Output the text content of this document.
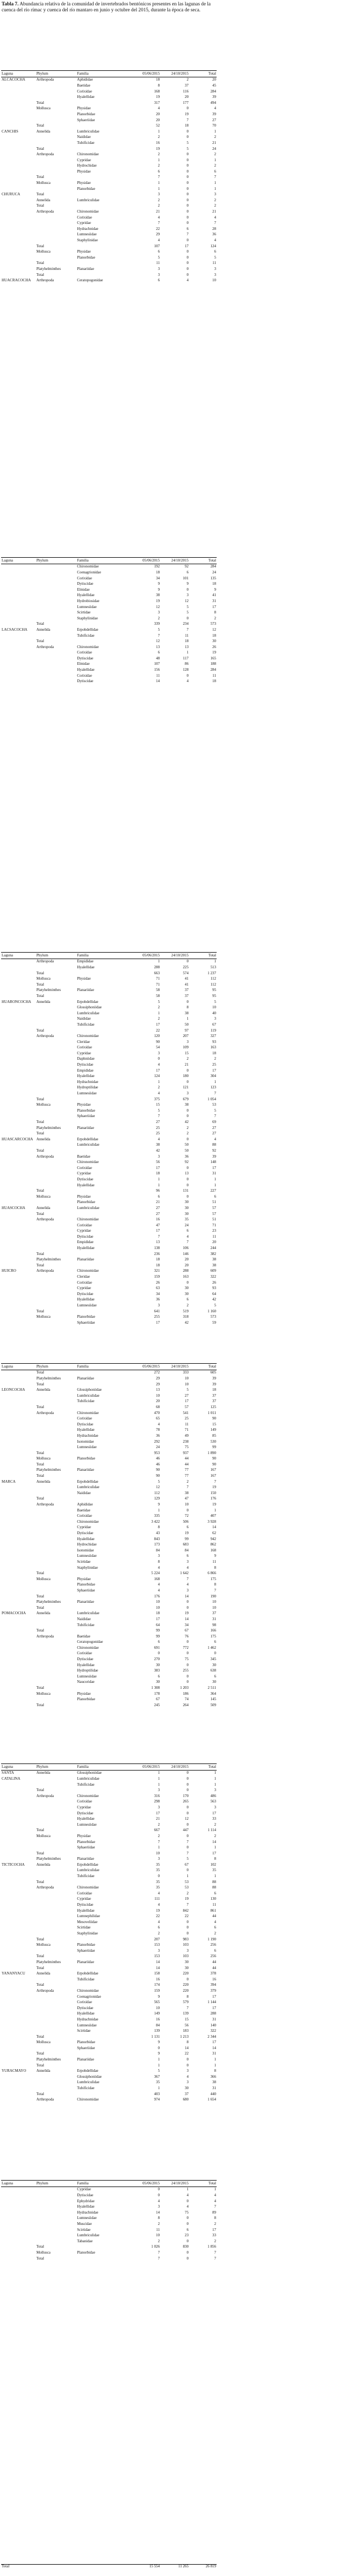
Tabla 7. Abundancia relativa de la comunidad de invertebrados bentónicos presentes en las lagunas de la cuenca del río rímac y cuenca del río mantaro en junio y octubre del 2015, durante la época de seca.
Laguna	Phylum	Familia	05/06/2015	24/10/2015	Total
ALCACOCHA	Arthropoda	Aphididae	18	2	20
		Baetidae	8	37	45
		Corixidae	168	116	284
		Hyalellidae	19	20	39
	Total		317	177	494
	Mollusca	Physidae	4	0	4
		Planorbidae	20	19	39
		Sphaeriidae	20	7	27
	Total		52	18	70
CANCHIS	Annelida	Lumbriculidae	1	0	1
		Naididae	2	0	2
		Tubificidae	16	5	21
	Total		19	5	24
	Arthropoda	Chironomidae	2	0	2
		Cypridae	1	0	1
		Hydrochidae	2	0	2
		Physidae	6	0	6
	Total		7	0	7
	Mollusca	Physidae	1	0	1
		Planorbidae	1	0	1
CHURUCA	Total		3	0	3
	Annelida	Lumbriculidae	2	0	2
	Total		2	0	2
	Arthropoda	Chironomidae	21	0	21
		Corixidae	4	0	4
		Cypridae	7	0	7
		Hydrachnidae	22	6	28
		Lumnesiidae	29	7	36
		Staphylinidae	4	0	4
	Total		107	17	124
	Mollusca	Physidae	6	0	6
		Planorbidae	5	0	5
	Total		11	0	11
	Platyhelminthes	Planariidae	3	0	3
	Total		3	0	3
HUACRACOCHA	Arthropoda	Ceratopogonidae	6	4	10
Laguna	Phylum	Familia	05/06/2015	24/10/2015	Total
		Chironomidae	192	92	284
		Coenagrionidae	18	6	24
		Corixidae	34	101	135
		Dytiscidae	9	9	18
		Elmidae	9	0	9
		Hyalellidae	38	3	41
		Hydrobiosidae	19	12	31
		Lumnesiidae	12	5	17
		Scirtidae	3	5	8
		Staphylinidae	2	0	2
	Total		339	234	573
LACSACOCHA	Annelida	Erpobdellidae	5	7	12
		Tubificidae	7	11	18
	Total		12	18	30
	Arthropoda	Chironomidae	13	13	26
		Corixidae	6	1	19
		Dytiscidae	48	117	165
		Elmidae	107	86	188
		Hyalellidae	156	128	284
		Corixidae	11	0	11
		Dytiscidae	14	4	18
Laguna	Phylum	Familia	05/06/2015	24/10/2015	Total
	Arthropoda	Empididae	1	0	1
		Hyalellidae	288	225	513
	Total		663	574	1 237
	Mollusca	Physidae	71	41	112
	Total		71	41	112
	Platyhelminthes	Planariidae	58	37	95
	Total		58	37	95
HUARONCOCHA	Annelida	Erpobdellidae	5	0	5
		Glossiphoniidae	2	8	10
		Lumbriculidae	1	38	40
		Naididae	2	1	3
		Tubificidae	17	50	67
	Total		22	97	119
	Arthropoda	Chironomidae	120	207	327
		Cleridae	90	3	93
		Corixidae	54	109	163
		Cypridae	3	15	18
		Daphniidae	0	2	2
		Dytiscidae	4	21	25
		Empididae	17	0	17
		Hyalellidae	124	180	304
		Hydrachnidae	1	0	1
		Hydroptilidae	2	121	123
		Lumnesiidae	4	3	7
	Total		375	679	1 054
	Mollusca	Physidae	15	38	53
		Planorbidae	5	0	5
		Sphaeriidae	7	0	7
	Total		27	42	69
	Platyhelminthes	Planariidae	25	2	27
	Total		25	2	27
HUASCARCOCHA	Annelida	Erpobdellidae	4	0	4
		Lumbriculidae	38	50	88
	Total		42	50	92
	Arthropoda	Baetidae	3	36	39
		Chironomidae	56	92	148
		Corixidae	17	0	17
		Cypridae	18	13	31
		Dytiscidae	1	0	1
		Hyalellidae	1	0	1
	Total		96	131	227
	Mollusca	Physidae	6	0	6
		Planorbidae	21	30	51
HUASCOCHA	Annelida	Lumbriculidae	27	30	57
	Total		27	30	57
	Arthropoda	Chironomidae	16	35	51
		Corixidae	47	24	71
		Cypridae	17	6	23
		Dytiscidae	7	4	11
		Empididae	13	7	20
		Hyalellidae	138	106	244
	Total		236	146	382
	Platyhelminthes	Planariidae	18	20	38
	Total		18	20	38
HUICRO	Arthropoda	Chironomidae	321	288	609
		Cleridae	159	163	322
		Corixidae	26	0	26
		Cypridae	63	30	93
		Dytiscidae	34	30	64
		Hyalellidae	36	6	42
		Lumnesiidae	3	2	5
	Total		641	519	1 160
	Mollusca	Planorbidae	255	318	573
		Sphaeriidae	17	42	59
Laguna	Phylum	Familia	05/06/2015	24/10/2015	Total
	Total		272	333	605
	Platyhelminthes	Planariidae	29	10	39
	Total		29	10	39
LEONCOCHA	Annelida	Glossiphoniidae	13	5	18
		Lumbriculidae	10	27	37
		Tubificidae	20	17	37
	Total		68	57	125
	Arthropoda	Chironomidae	470	541	1 011
		Corixidae	65	25	90
		Dytiscidae	4	11	15
		Hyalellidae	78	71	149
		Hydrachnidae	36	49	85
		Isotomidae	292	238	530
		Lumnesiidae	24	75	99
	Total		953	937	1 890
	Mollusca	Planorbidae	46	44	90
	Total		46	44	90
	Platyhelminthes	Planariidae	90	77	167
	Total		90	77	167
MARCA	Annelida	Erpobdellidae	5	2	7
		Lumbriculidae	12	7	19
		Naididae	112	38	150
	Total		129	47	176
	Arthropoda	Aphididae	9	10	19
		Baetidae	1	0	1
		Corixidae	335	72	407
		Chironomidae	3 422	506	3 928
		Cypridae	8	6	14
		Dytiscidae	43	19	62
		Hyalellidae	843	99	942
		Hydrochidae	173	683	862
		Isotomidae	84	84	168
		Lumnesiidae	3	6	9
		Scirtidae	8	3	11
		Staphylinidae	4	4	8
	Total		5 224	1 642	6 866
	Mollusca	Physidae	168	7	175
		Planorbidae	4	4	8
		Sphaeriidae	4	3	7
	Total		176	14	190
	Platyhelminthes	Planariidae	10	0	10
	Total		10	0	10
POMACOCHA	Annelida	Lumbriculidae	18	19	37
		Naididae	17	14	31
		Tubificidae	64	34	98
	Total		99	67	166
	Arthropoda	Baetidae	99	76	175
		Ceratopogonidae	6	0	6
		Chironomidae	691	772	1 462
		Corixidae	0	0	0
		Dytiscidae	270	75	345
		Hyalellidae	30	0	30
		Hydroptilidae	383	255	638
		Lumnesiidae	6	0	6
		Naucoridae	30	0	30
	Total		1 308	1 203	2 511
	Mollusca	Physidae	178	186	364
		Planorbidae	67	74	145
	Total		245	264	509
Laguna	Phylum	Familia	05/06/2015	24/10/2015	Total
SANTA	Annelida	Glossiphoniidae	1	0	1
CATALINA		Lumbriculidae	1	0	1
		Tubificidae	1	0	1
	Total		3	0	3
	Arthropoda	Chironomidae	316	170	486
		Corixidae	298	265	563
		Cypridae	3	0	3
		Dytiscidae	17	0	17
		Hyalellidae	21	12	33
		Lumnesiidae	2	0	2
	Total		667	447	1 114
	Mollusca	Physidae	2	0	2
		Planorbidae	7	7	14
		Sphaeriidae	1	0	1
	Total		10	7	17
	Platyhelminthes	Planariidae	3	5	8
TICTICOCHA	Annelida	Erpobdellidae	35	67	102
		Lumbriculidae	35	0	35
		Tubificidae	0	1	1
	Total		35	53	88
	Arthropoda	Chironomidae	35	53	88
		Corixidae	4	2	6
		Cypridae	111	19	130
		Dytiscidae	4	7	11
		Hyalellidae	19	842	861
		Lumnephilidae	22	22	44
		Mesoveliidae	4	0	4
		Scirtidae	6	0	6
		Staphylinidae	2	0	2
	Total		207	983	1 190
	Mollusca	Planorbidae	153	103	256
		Sphaeriidae	3	3	6
	Total		153	103	256
	Platyhelminthes	Planariidae	14	30	44
	Total		14	30	44
YANANYACU	Annelida	Erpobdellidae	158	220	378
		Tubificidae	16	0	16
	Total		174	220	394
	Arthropoda	Chironomidae	159	220	379
		Coenagrionidae	9	8	17
		Corixidae	565	579	1 144
		Dytiscidae	10	7	17
		Hyalellidae	149	139	288
		Hydrachnidae	16	15	31
		Lumnesiidae	84	56	140
		Scirtidae	139	183	322
	Total		1 131	1 213	2 344
	Mollusca	Planorbidae	9	8	17
		Sphaeriidae	0	14	14
	Total		9	22	31
	Platyhelminthes	Planariidae	1	0	1
	Total		1	0	1
YURACMAYO	Annelida	Erpobdellidae	5	3	8
		Glossiphoniidae	367	4	366
		Lumbriculidae	35	3	38
		Tubificidae	1	30	31
	Total		403	37	440
	Arthropoda	Chironomidae	974	680	1 654
Laguna	Phylum	Familia	05/06/2015	24/10/2015	Total
		Cypridae	0	1	1
		Dytiscidae	0	4	4
		Ephydridae	4	0	4
		Hyalellidae	3	4	7
		Hydrachnidae	14	75	89
		Lumnesiidae	8	0	8
		Muscidae	2	0	2
		Scirtidae	11	6	17
		Lumbriculidae	10	23	33
		Tabanidae	2	0	2
	Total		1 026	830	1 856
	Mollusca	Planorbidae	7	0	7
	Total		7	0	7
Total			15 554	11 265	26 819
